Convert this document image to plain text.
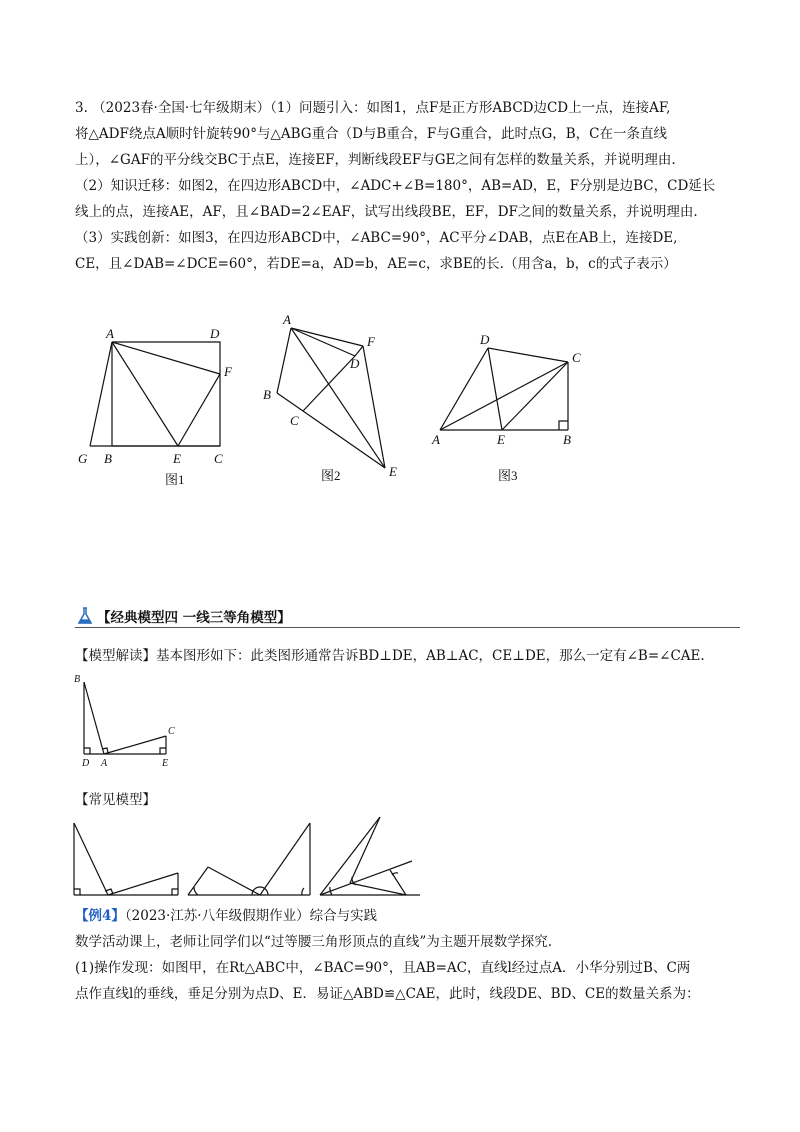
3. （2023春·全国·七年级期末）（1）问题引入：如图1，点F是正方形ABCD边CD上一点，连接AF,
将△ADF绕点A顺时针旋转90°与△ABG重合（D与B重合，F与G重合，此时点G，B，C在一条直线
上），∠GAF的平分线交BC于点E，连接EF，判断线段EF与GE之间有怎样的数量关系，并说明理由.
（2）知识迁移：如图2，在四边形ABCD中，∠ADC+∠B=180°，AB=AD，E，F分别是边BC，CD延长
线上的点，连接AE，AF，且∠BAD=2∠EAF，试写出线段BE，EF，DF之间的数量关系，并说明理由.
（3）实践创新：如图3，在四边形ABCD中，∠ABC=90°，AC平分∠DAB，点E在AB上，连接DE,
CE，且∠DAB=∠DCE=60°，若DE=a，AD=b，AE=c，求BE的长.（用含a，b，c的式子表示）
A	D
F
G B	E	C
图1
A
F
D
B
C
E
图2
D
C
A	E	B
图3
【经典模型四 一线三等角模型】
【模型解读】基本图形如下：此类图形通常告诉BD⊥DE，AB⊥AC，CE⊥DE，那么一定有∠B=∠CAE.
B
C
D A	E
【常见模型】
【例4】（2023·江苏·八年级假期作业）综合与实践
数学活动课上，老师让同学们以“过等腰三角形顶点的直线”为主题开展数学探究.
(1)操作发现：如图甲，在Rt△ABC中，∠BAC=90°，且AB=AC，直线l经过点A．小华分别过B、C两
点作直线l的垂线，垂足分别为点D、E．易证△ABD≌△CAE，此时，线段DE、BD、CE的数量关系为：
